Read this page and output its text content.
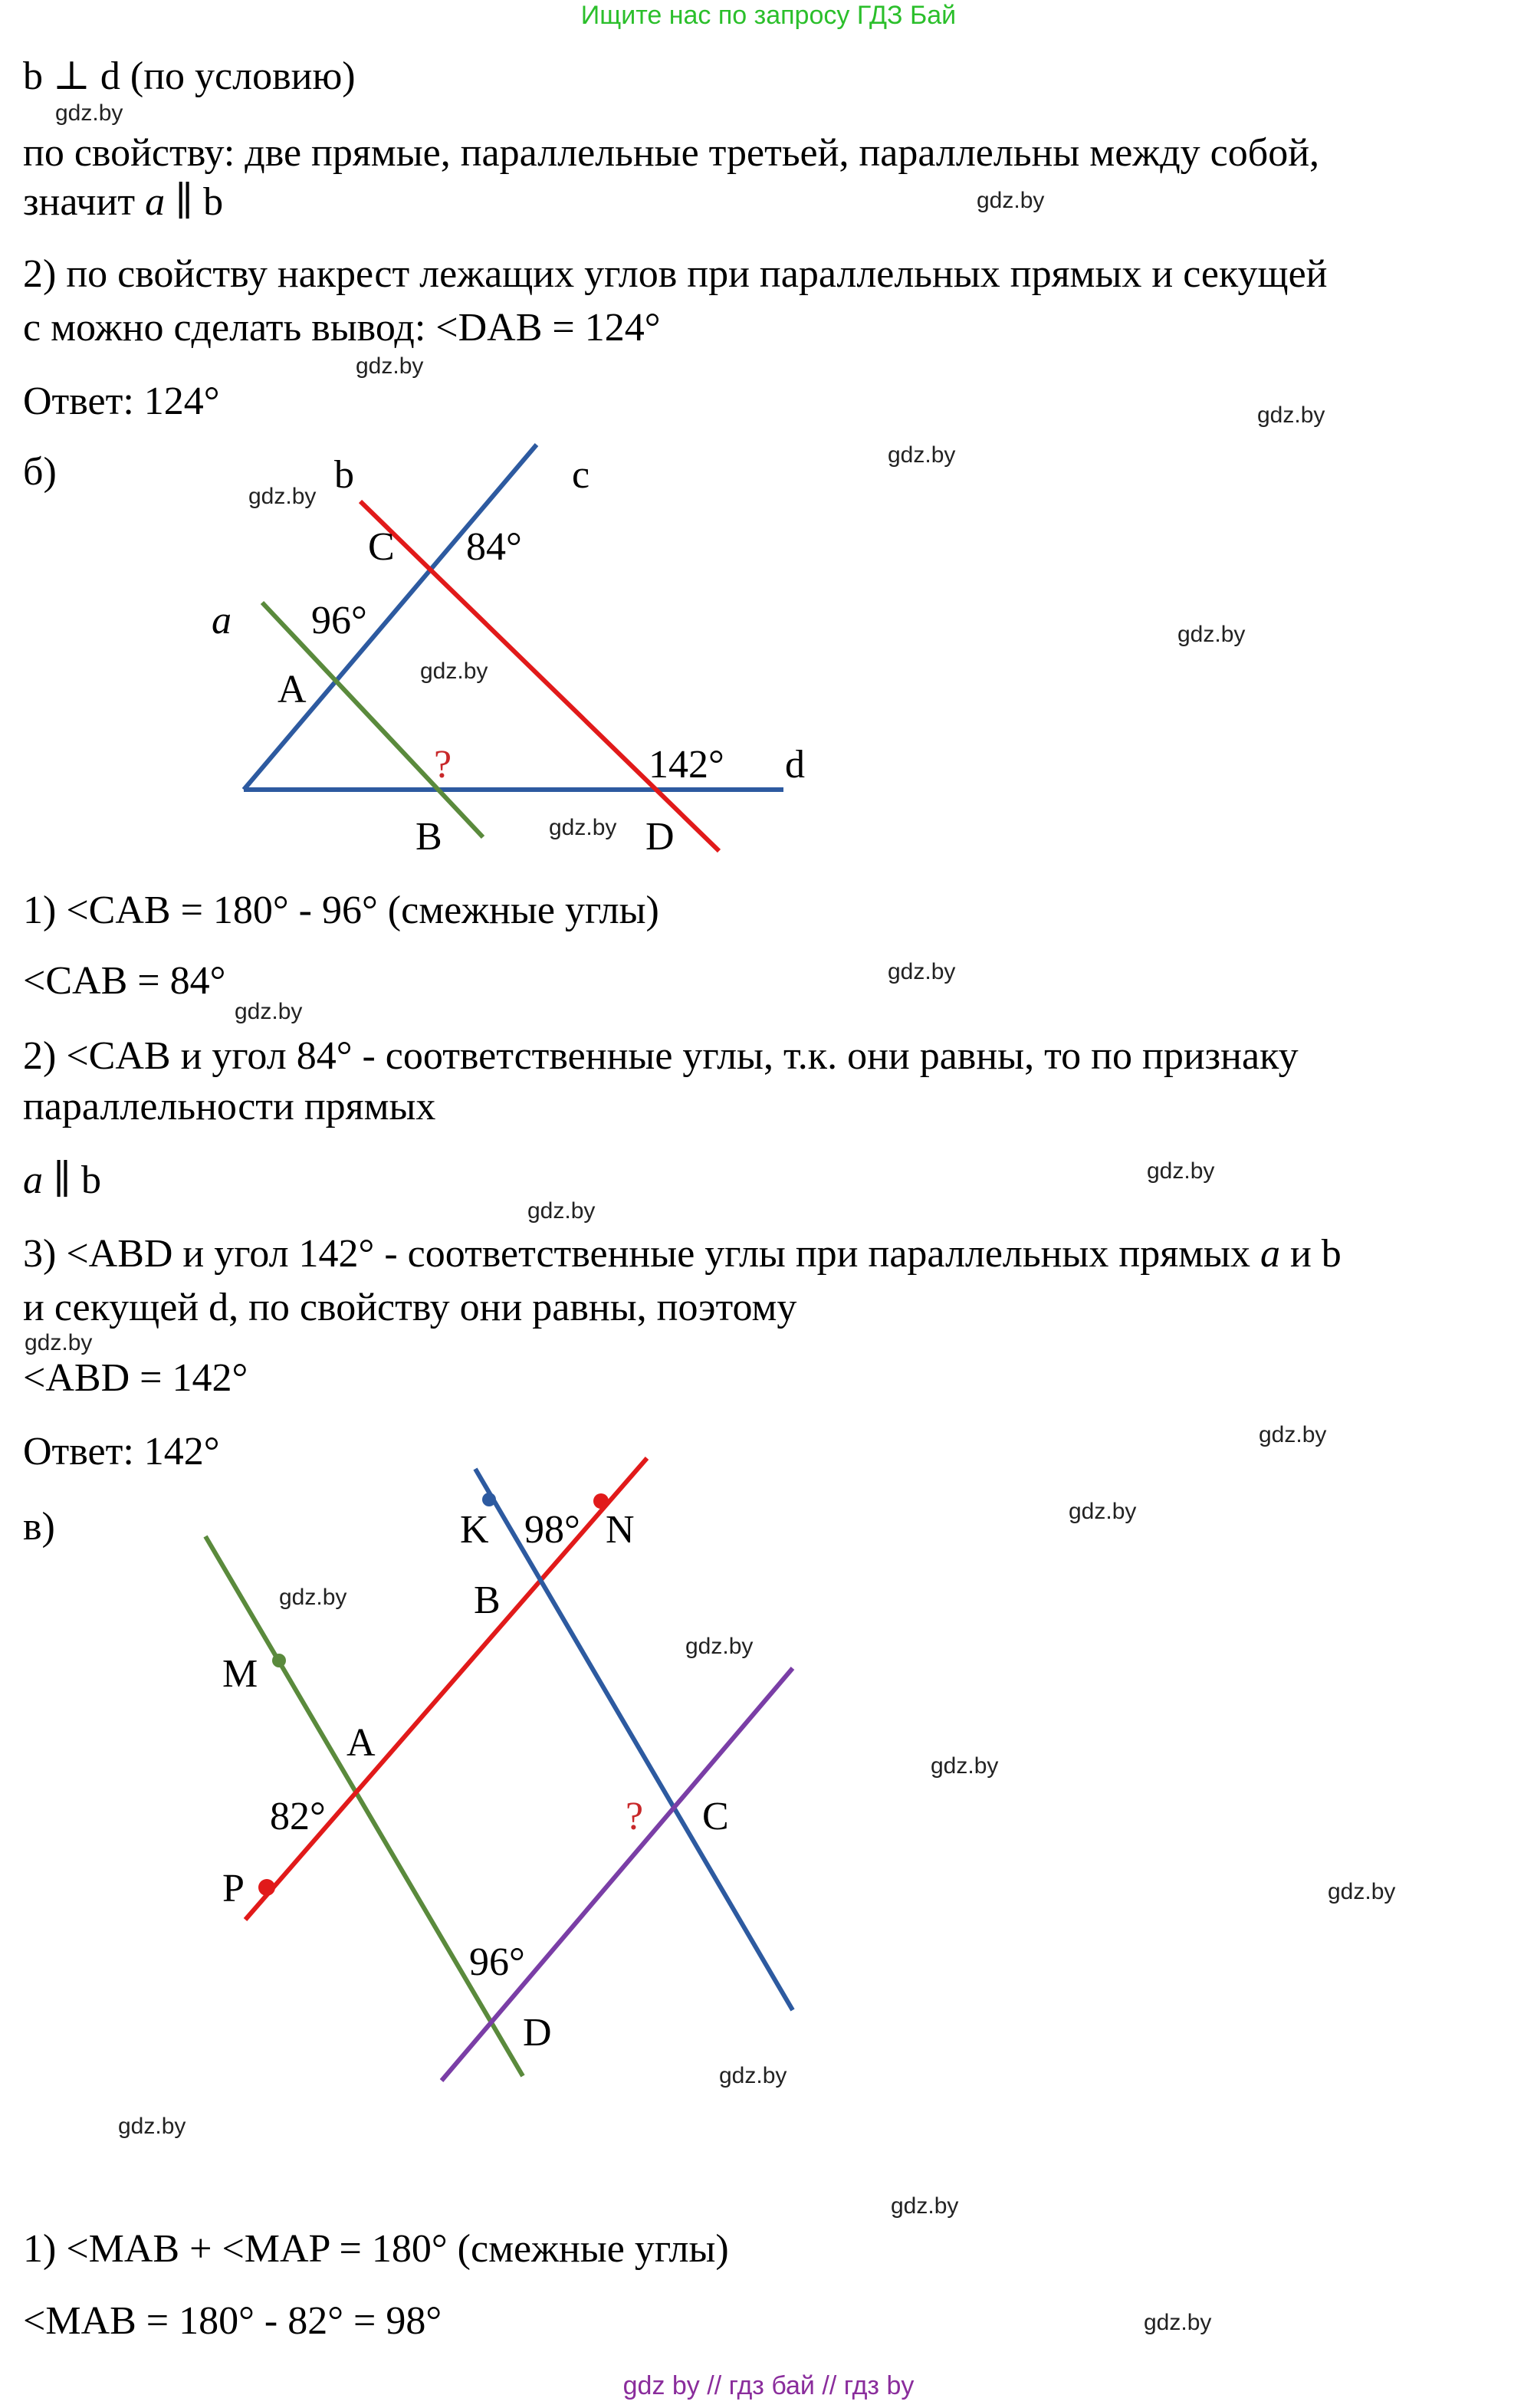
Ищите нас по запросу ГДЗ Бай
gdz by // гдз бай // гдз by
b ⊥ d (по условию)
по свойству: две прямые, параллельные третьей, параллельны между собой,
значит a ∥ b
2) по свойству накрест лежащих углов при параллельных прямых и секущей
с можно сделать вывод: <DAB = 124°
Ответ: 124°
б)	b	c
C 84°
a 96°
A
?	142° d
B	D
1) <CAB = 180° - 96° (смежные углы)
<CAB = 84°
2) <CAB и угол 84° - соответственные углы, т.к. они равны, то по признаку
параллельности прямых
a ∥ b
3) <ABD и угол 142° - соответственные углы при параллельных прямых a и b
и секущей d, по свойству они равны, поэтому
<ABD = 142°
Ответ: 142°
в)	K 98° N
B
M
A
82°	? C
P
96°
D
1) <MAB + <MAP = 180° (смежные углы)
<MAB = 180° - 82° = 98°
gdz.by
gdz.by
gdz.by
gdz.by
gdz.by
gdz.by
gdz.by
gdz.by
gdz.by
gdz.by
gdz.by
gdz.by
gdz.by
gdz.by
gdz.by
gdz.by
gdz.by
gdz.by
gdz.by
gdz.by
gdz.by
gdz.by
gdz.by
gdz.by
